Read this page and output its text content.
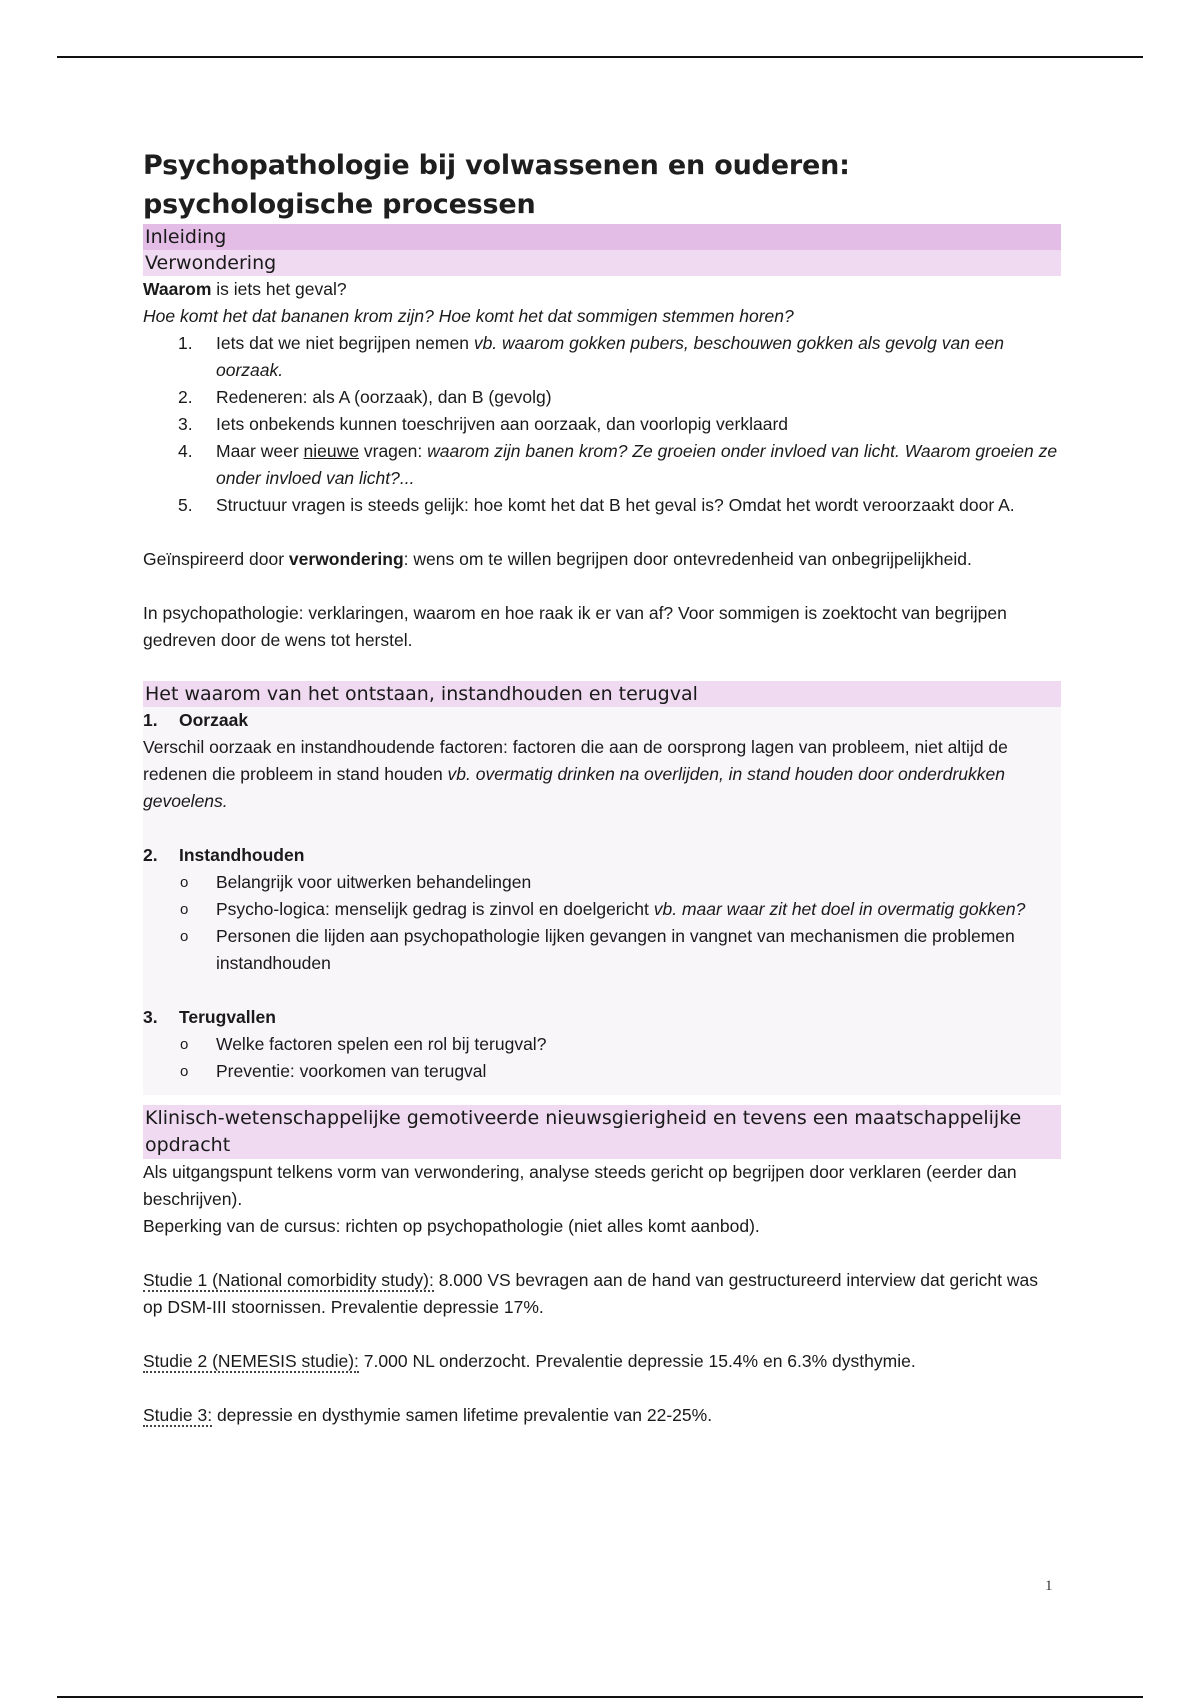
Psychopathologie bij volwassenen en ouderen: psychologische processen
Inleiding
Verwondering

Waarom is iets het geval?

Hoe komt het dat bananen krom zijn? Hoe komt het dat sommigen stemmen horen?

1. Iets dat we niet begrijpen nemen vb. waarom gokken pubers, beschouwen gokken als gevolg van een oorzaak.
2. Redeneren: als A (oorzaak), dan B (gevolg)
3. Iets onbekends kunnen toeschrijven aan oorzaak, dan voorlopig verklaard
4. Maar weer nieuwe vragen: waarom zijn banen krom? Ze groeien onder invloed van licht. Waarom groeien ze onder invloed van licht?...
5. Structuur vragen is steeds gelijk: hoe komt het dat B het geval is? Omdat het wordt veroorzaakt door A.

Geïnspireerd door verwondering: wens om te willen begrijpen door ontevredenheid van onbegrijpelijkheid.

In psychopathologie: verklaringen, waarom en hoe raak ik er van af? Voor sommigen is zoektocht van begrijpen gedreven door de wens tot herstel.

Het waarom van het ontstaan, instandhouden en terugval
1. Oorzaak

Verschil oorzaak en instandhoudende factoren: factoren die aan de oorsprong lagen van probleem, niet altijd de redenen die probleem in stand houden vb. overmatig drinken na overlijden, in stand houden door onderdrukken gevoelens.

2. Instandhouden
o Belangrijk voor uitwerken behandelingen
o Psycho-logica: menselijk gedrag is zinvol en doelgericht vb. maar waar zit het doel in overmatig gokken?
o Personen die lijden aan psychopathologie lijken gevangen in vangnet van mechanismen die problemen instandhouden
3. Terugvallen
o Welke factoren spelen een rol bij terugval?
o Preventie: voorkomen van terugval
Klinisch-wetenschappelijke gemotiveerde nieuwsgierigheid en tevens een maatschappelijke opdracht

Als uitgangspunt telkens vorm van verwondering, analyse steeds gericht op begrijpen door verklaren (eerder dan beschrijven).

Beperking van de cursus: richten op psychopathologie (niet alles komt aanbod).

Studie 1 (National comorbidity study): 8.000 VS bevragen aan de hand van gestructureerd interview dat gericht was op DSM-III stoornissen. Prevalentie depressie 17%.

Studie 2 (NEMESIS studie): 7.000 NL onderzocht. Prevalentie depressie 15.4% en 6.3% dysthymie.

Studie 3: depressie en dysthymie samen lifetime prevalentie van 22-25%.

1
